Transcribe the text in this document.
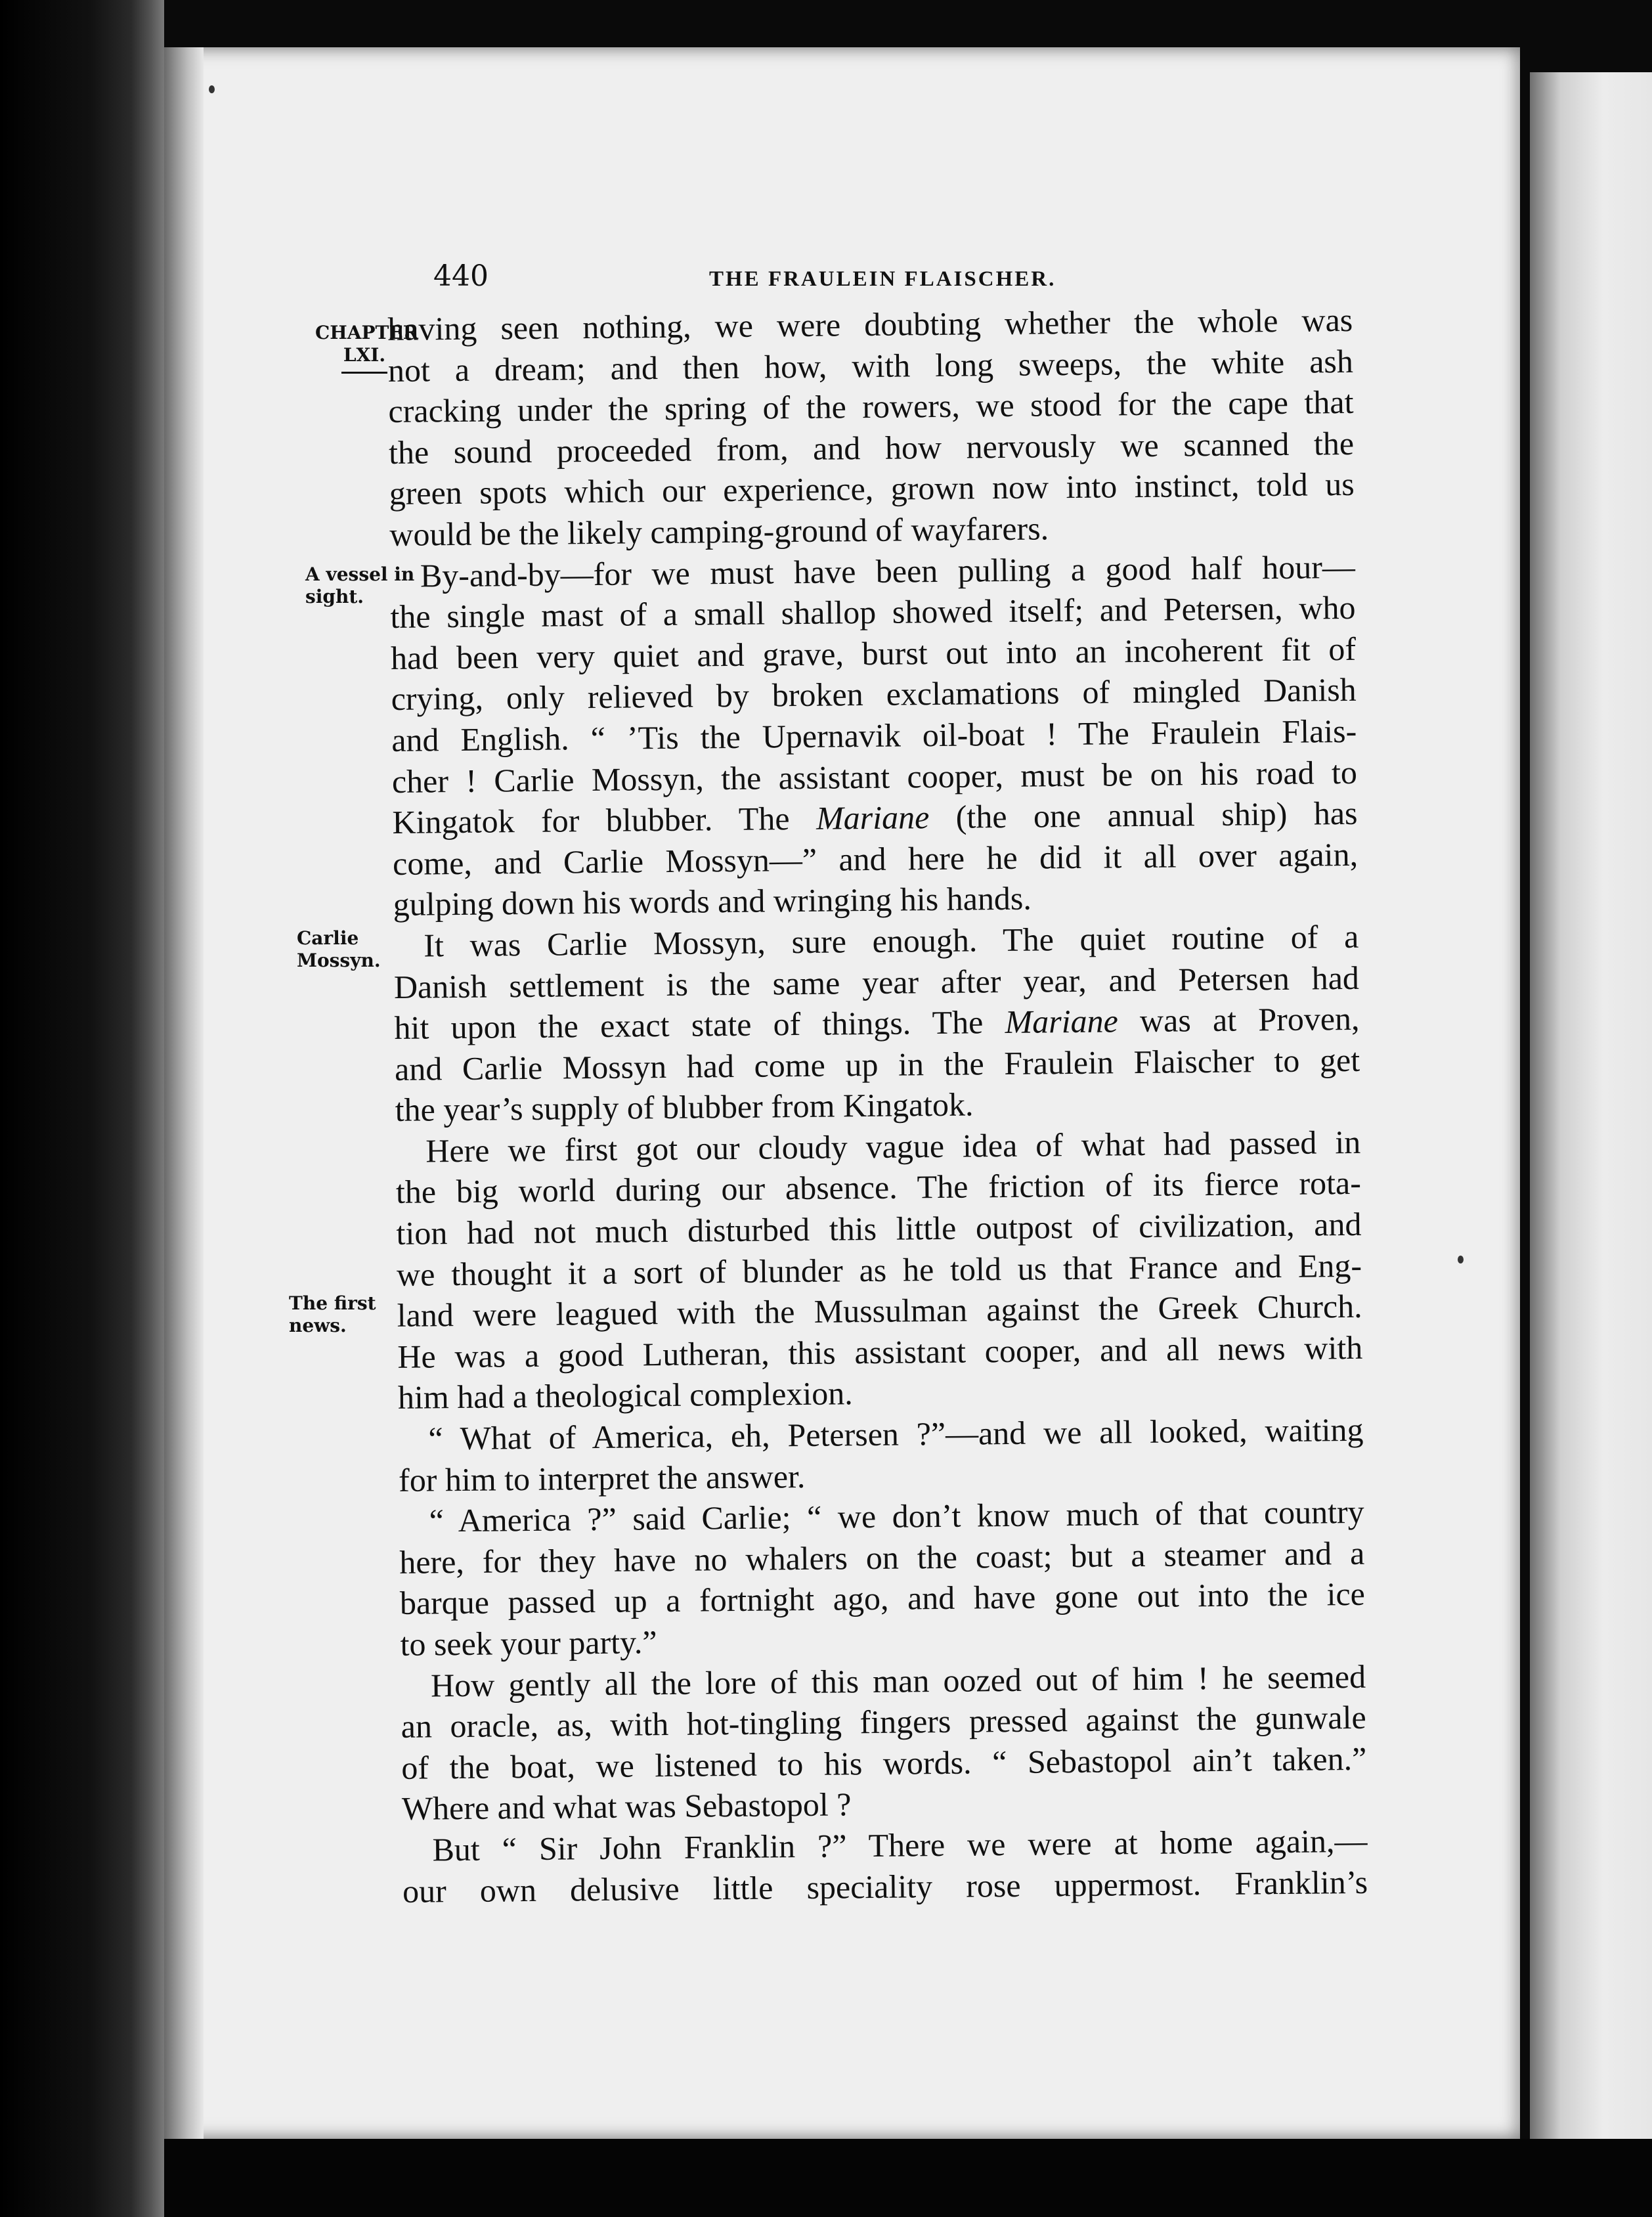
440	THE FRAULEIN FLAISCHER.
CHAPTER
LXI.
A vessel in
sight.
Carlie
Mossyn.
The first
news.
having seen nothing, we were doubting whether the whole was
not a dream; and then how, with long sweeps, the white ash
cracking under the spring of the rowers, we stood for the cape that
the sound proceeded from, and how nervously we scanned the
green spots which our experience, grown now into instinct, told us
would be the likely camping-ground of wayfarers.
By-and-by—for we must have been pulling a good half hour—
the single mast of a small shallop showed itself; and Petersen, who
had been very quiet and grave, burst out into an incoherent fit of
crying, only relieved by broken exclamations of mingled Danish
and English. “ ’Tis the Upernavik oil-boat ! The Fraulein Flais-
cher ! Carlie Mossyn, the assistant cooper, must be on his road to
Kingatok for blubber. The Mariane (the one annual ship) has
come, and Carlie Mossyn—” and here he did it all over again,
gulping down his words and wringing his hands.
It was Carlie Mossyn, sure enough. The quiet routine of a
Danish settlement is the same year after year, and Petersen had
hit upon the exact state of things. The Mariane was at Proven,
and Carlie Mossyn had come up in the Fraulein Flaischer to get
the year’s supply of blubber from Kingatok.
Here we first got our cloudy vague idea of what had passed in
the big world during our absence. The friction of its fierce rota-
tion had not much disturbed this little outpost of civilization, and
we thought it a sort of blunder as he told us that France and Eng-
land were leagued with the Mussulman against the Greek Church.
He was a good Lutheran, this assistant cooper, and all news with
him had a theological complexion.
“ What of America, eh, Petersen ?”—and we all looked, waiting
for him to interpret the answer.
“ America ?” said Carlie; “ we don’t know much of that country
here, for they have no whalers on the coast; but a steamer and a
barque passed up a fortnight ago, and have gone out into the ice
to seek your party.”
How gently all the lore of this man oozed out of him ! he seemed
an oracle, as, with hot-tingling fingers pressed against the gunwale
of the boat, we listened to his words. “ Sebastopol ain’t taken.”
Where and what was Sebastopol ?
But “ Sir John Franklin ?” There we were at home again,—
our own delusive little speciality rose uppermost. Franklin’s
